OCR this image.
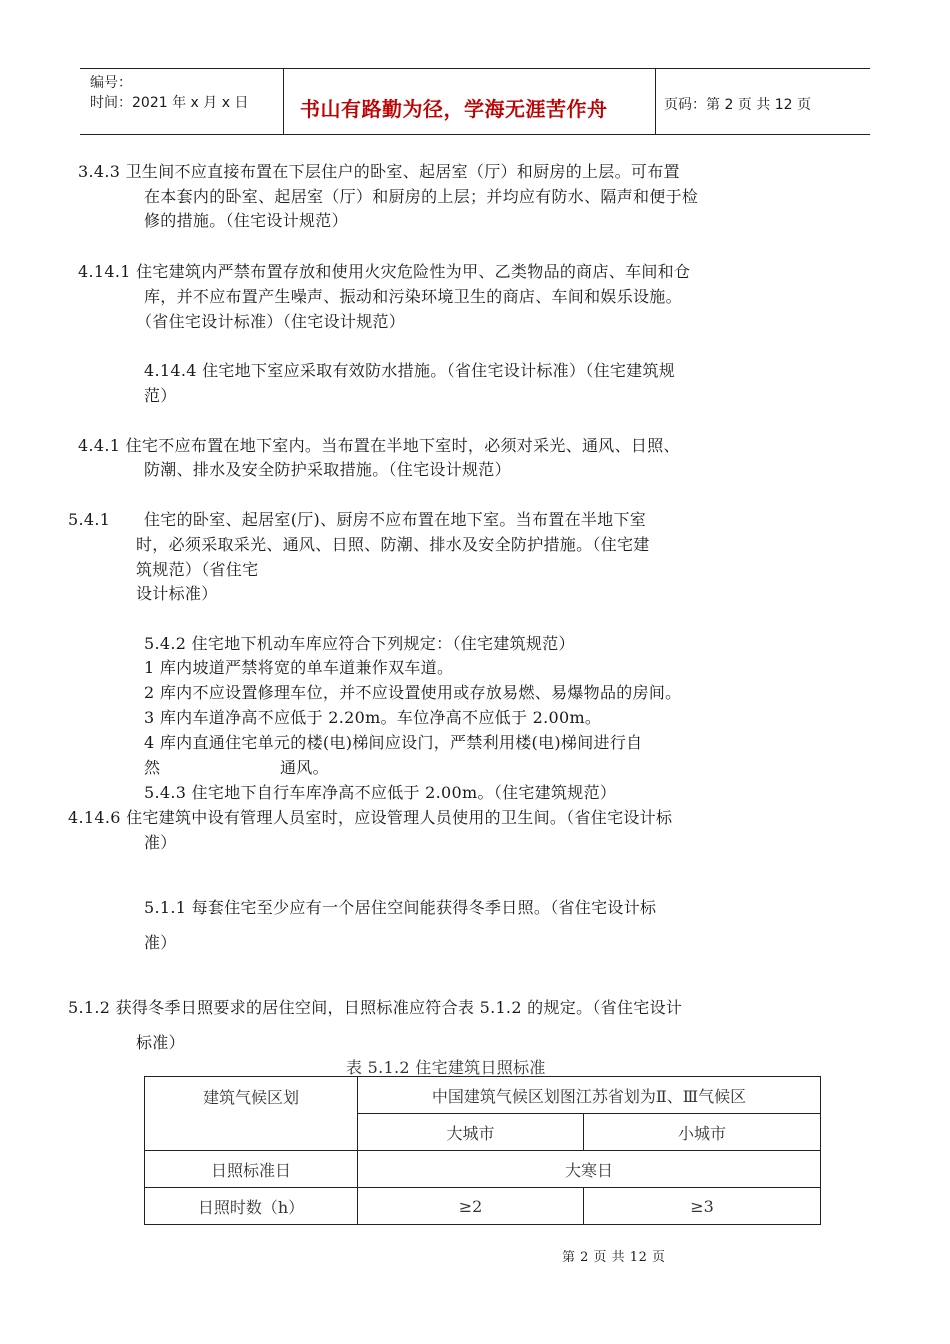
编号：
时间：2021 年 x 月 x 日	书山有路勤为径，学海无涯苦作舟	页码：第 2 页 共 12 页
3.4.3 卫生间不应直接布置在下层住户的卧室、起居室（厅）和厨房的上层。可布置
在本套内的卧室、起居室（厅）和厨房的上层；并均应有防水、隔声和便于检
修的措施。（住宅设计规范）
4.14.1 住宅建筑内严禁布置存放和使用火灾危险性为甲、乙类物品的商店、车间和仓
库，并不应布置产生噪声、振动和污染环境卫生的商店、车间和娱乐设施。
（省住宅设计标准）（住宅设计规范）
4.14.4 住宅地下室应采取有效防水措施。（省住宅设计标准）（住宅建筑规
范）
4.4.1 住宅不应布置在地下室内。当布置在半地下室时，必须对采光、通风、日照、
防潮、排水及安全防护采取措施。（住宅设计规范）
5.4.1 住宅的卧室、起居室(厅)、厨房不应布置在地下室。当布置在半地下室
时，必须采取采光、通风、日照、防潮、排水及安全防护措施。（住宅建
筑规范）（省住宅
设计标准）
5.4.2 住宅地下机动车库应符合下列规定：（住宅建筑规范）
1 库内坡道严禁将宽的单车道兼作双车道。
2 库内不应设置修理车位，并不应设置使用或存放易燃、易爆物品的房间。
3 库内车道净高不应低于 2.20m。车位净高不应低于 2.00m。
4 库内直通住宅单元的楼(电)梯间应设门，严禁利用楼(电)梯间进行自
然	通风。
5.4.3 住宅地下自行车库净高不应低于 2.00m。（住宅建筑规范）
4.14.6 住宅建筑中设有管理人员室时，应设管理人员使用的卫生间。（省住宅设计标
准）
5.1.1 每套住宅至少应有一个居住空间能获得冬季日照。（省住宅设计标
准）
5.1.2 获得冬季日照要求的居住空间，日照标准应符合表 5.1.2 的规定。（省住宅设计
标准）
表 5.1.2 住宅建筑日照标准
建筑气候区划	中国建筑气候区划图江苏省划为Ⅱ、Ⅲ气候区	
	大城市	小城市
日照标准日	大寒日	
日照时数（h）	≥2	≥3
第 2 页 共 12 页
